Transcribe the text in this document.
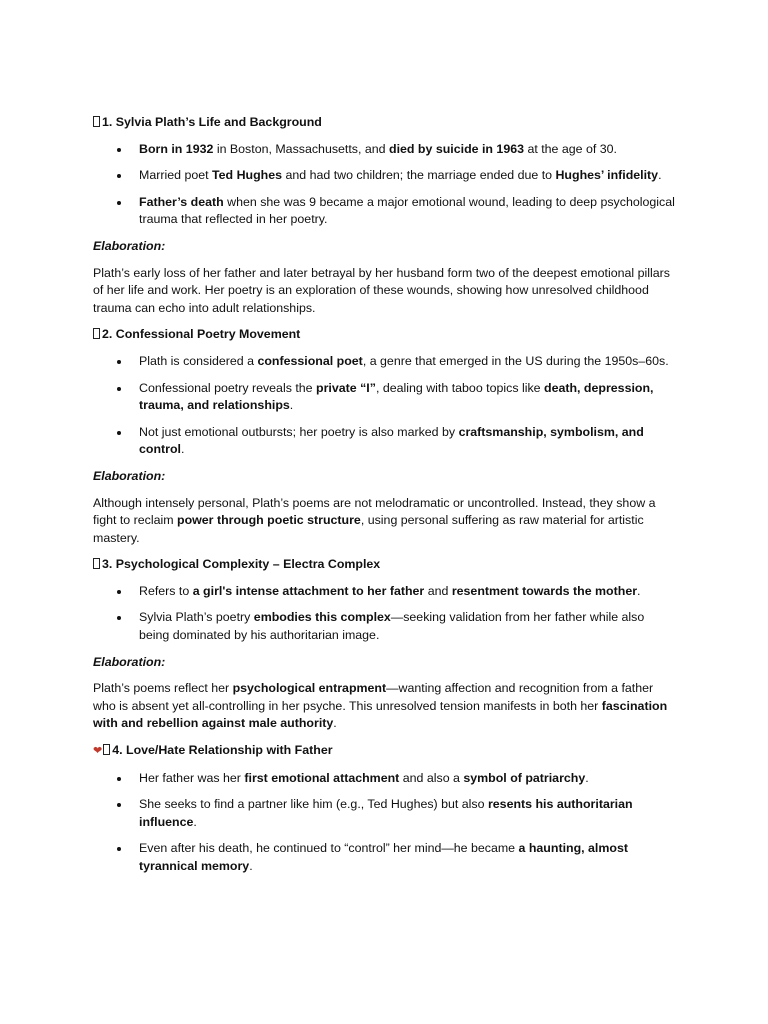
1. Sylvia Plath’s Life and Background
Born in 1932 in Boston, Massachusetts, and died by suicide in 1963 at the age of 30.
Married poet Ted Hughes and had two children; the marriage ended due to Hughes’ infidelity.
Father’s death when she was 9 became a major emotional wound, leading to deep psychological trauma that reflected in her poetry.
Elaboration:
Plath’s early loss of her father and later betrayal by her husband form two of the deepest emotional pillars of her life and work. Her poetry is an exploration of these wounds, showing how unresolved childhood trauma can echo into adult relationships.
2. Confessional Poetry Movement
Plath is considered a confessional poet, a genre that emerged in the US during the 1950s–60s.
Confessional poetry reveals the private “I”, dealing with taboo topics like death, depression, trauma, and relationships.
Not just emotional outbursts; her poetry is also marked by craftsmanship, symbolism, and control.
Elaboration:
Although intensely personal, Plath’s poems are not melodramatic or uncontrolled. Instead, they show a fight to reclaim power through poetic structure, using personal suffering as raw material for artistic mastery.
3. Psychological Complexity – Electra Complex
Refers to a girl's intense attachment to her father and resentment towards the mother.
Sylvia Plath’s poetry embodies this complex—seeking validation from her father while also being dominated by his authoritarian image.
Elaboration:
Plath’s poems reflect her psychological entrapment—wanting affection and recognition from a father who is absent yet all-controlling in her psyche. This unresolved tension manifests in both her fascination with and rebellion against male authority.
❤ 4. Love/Hate Relationship with Father
Her father was her first emotional attachment and also a symbol of patriarchy.
She seeks to find a partner like him (e.g., Ted Hughes) but also resents his authoritarian influence.
Even after his death, he continued to “control” her mind—he became a haunting, almost tyrannical memory.
